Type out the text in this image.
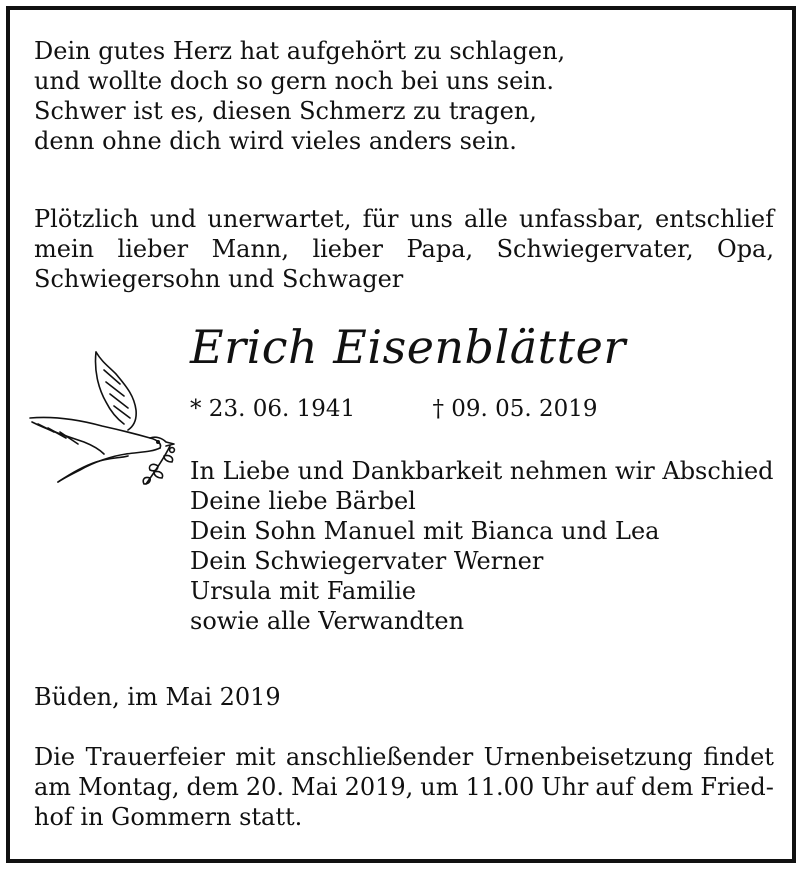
Dein gutes Herz hat aufgehört zu schlagen,
und wollte doch so gern noch bei uns sein.
Schwer ist es, diesen Schmerz zu tragen,
denn ohne dich wird vieles anders sein.
Plötzlich und unerwartet, für uns alle unfassbar, entschlief
mein lieber Mann, lieber Papa, Schwiegervater, Opa,
Schwiegersohn und Schwager
Erich Eisenblätter
* 23. 06. 1941	† 09. 05. 2019
In Liebe und Dankbarkeit nehmen wir Abschied
Deine liebe Bärbel
Dein Sohn Manuel mit Bianca und Lea
Dein Schwiegervater Werner
Ursula mit Familie
sowie alle Verwandten
Büden, im Mai 2019
Die Trauerfeier mit anschließender Urnenbeisetzung findet
am Montag, dem 20. Mai 2019, um 11.00 Uhr auf dem Fried-
hof in Gommern statt.
